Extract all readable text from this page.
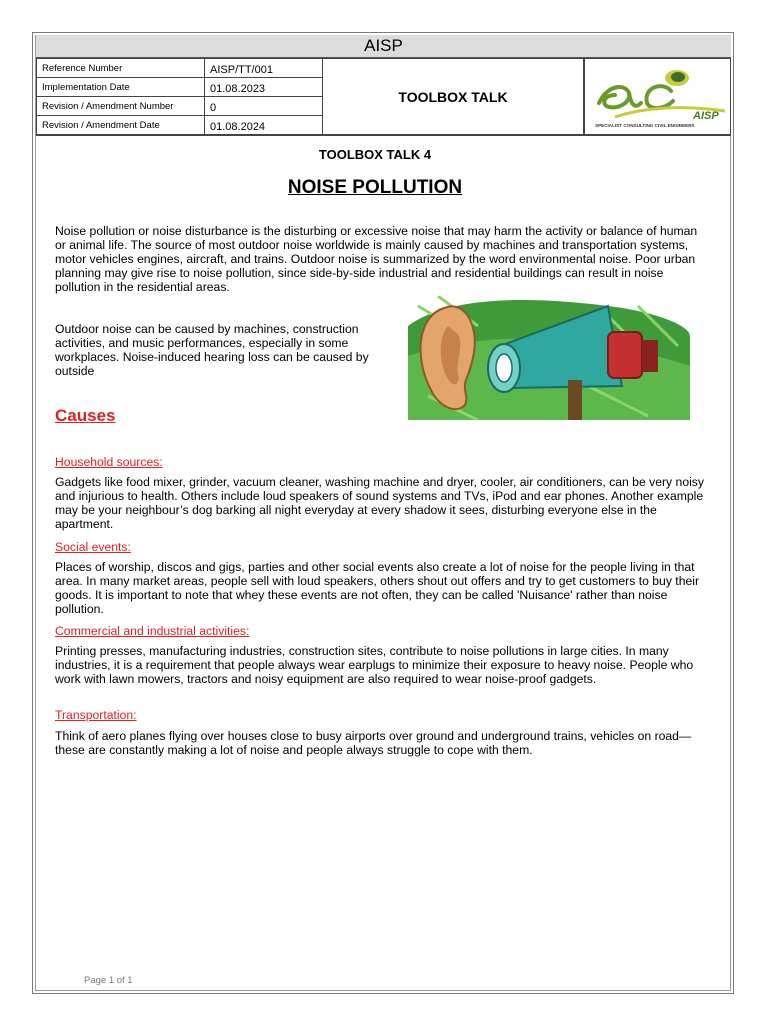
AISP
Reference Number	AISP/TT/001
Implementation Date	01.08.2023
Revision / Amendment Number	0
Revision / Amendment Date	01.08.2024
TOOLBOX TALK
AISP
SPECIALIST CONSULTING CIVIL ENGINEERS
TOOLBOX TALK 4
NOISE POLLUTION

Noise pollution or noise disturbance is the disturbing or excessive noise that may harm the activity or balance of human or animal life. The source of most outdoor noise worldwide is mainly caused by machines and transportation systems, motor vehicles engines, aircraft, and trains. Outdoor noise is summarized by the word environmental noise. Poor urban planning may give rise to noise pollution, since side-by-side industrial and residential buildings can result in noise pollution in the residential areas.

Outdoor noise can be caused by machines, construction activities, and music performances, especially in some workplaces. Noise-induced hearing loss can be caused by outside

Causes

Household sources:

Gadgets like food mixer, grinder, vacuum cleaner, washing machine and dryer, cooler, air conditioners, can be very noisy and injurious to health. Others include loud speakers of sound systems and TVs, iPod and ear phones. Another example may be your neighbour’s dog barking all night everyday at every shadow it sees, disturbing everyone else in the apartment.

Social events:

Places of worship, discos and gigs, parties and other social events also create a lot of noise for the people living in that area. In many market areas, people sell with loud speakers, others shout out offers and try to get customers to buy their goods. It is important to note that whey these events are not often, they can be called 'Nuisance' rather than noise pollution.

Commercial and industrial activities:

Printing presses, manufacturing industries, construction sites, contribute to noise pollutions in large cities. In many industries, it is a requirement that people always wear earplugs to minimize their exposure to heavy noise. People who work with lawn mowers, tractors and noisy equipment are also required to wear noise-proof gadgets.

Transportation:

Think of aero planes flying over houses close to busy airports over ground and underground trains, vehicles on road—these are constantly making a lot of noise and people always struggle to cope with them.

Page 1 of 1
